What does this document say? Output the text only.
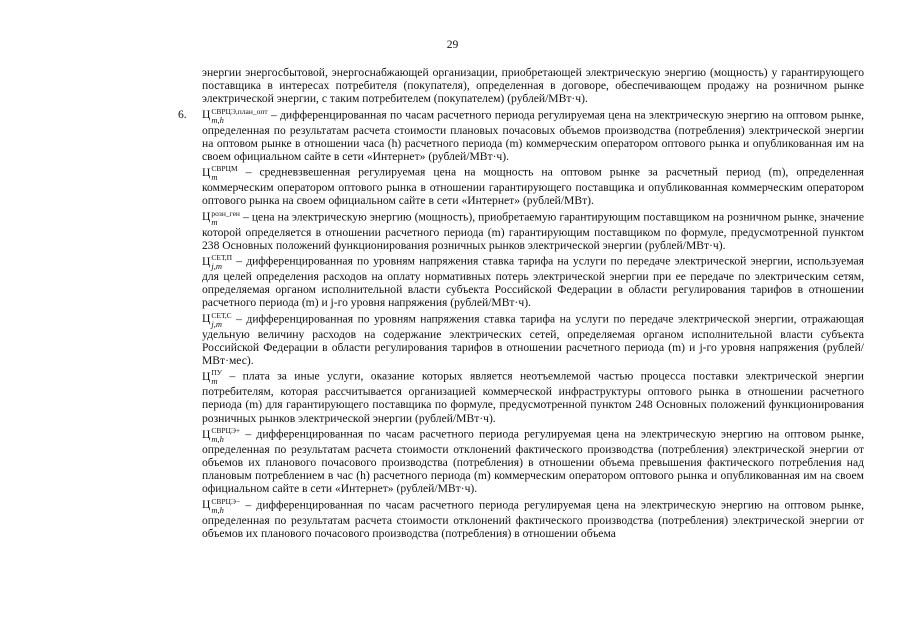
29

энергии энергосбытовой, энергоснабжающей организации, приобретающей электрическую энергию (мощность) у гарантирующего поставщика в интересах потребителя (покупателя), определенная в договоре, обеспечивающем продажу на розничном рынке электрической энергии, с таким потребителем (покупателем) (рублей/МВт·ч).

6. Ц СВРЦЭ,план_опт
m,h	– дифференцированная по часам расчетного периода регулируемая цена на электрическую энергию на оптовом рынке, определенная по результатам расчета стоимости плановых почасовых объемов производства (потребления) электрической энергии на оптовом рынке в отношении часа (h) расчетного периода (m) коммерческим оператором оптового рынка и опубликованная им на своем официальном сайте в сети «Интернет» (рублей/МВт·ч).

Ц СВРЦМ
m	– средневзвешенная регулируемая цена на мощность на оптовом рынке за расчетный период (m), определенная коммерческим оператором оптового рынка в отношении гарантирующего поставщика и опубликованная коммерческим оператором оптового рынка на своем официальном сайте в сети «Интернет» (рублей/МВт).

Ц розн_ген
m	– цена на электрическую энергию (мощность), приобретаемую гарантирующим поставщиком на розничном рынке, значение которой определяется в отношении расчетного периода (m) гарантирующим поставщиком по формуле, предусмотренной пунктом 238 Основных положений функционирования розничных рынков электрической энергии (рублей/МВт·ч).

Ц СЕТ,П
j,m – дифференцированная по уровням напряжения ставка тарифа на услуги по передаче электрической энергии, используемая для целей определения расходов на оплату нормативных потерь электрической энергии при ее передаче по электрическим сетям, определяемая органом исполнительной власти субъекта Российской Федерации в области регулирования тарифов в отношении расчетного периода (m) и j-го уровня напряжения (рублей/МВт·ч).

Ц СЕТ,С
j,m – дифференцированная по уровням напряжения ставка тарифа на услуги по передаче электрической энергии, отражающая удельную величину расходов на содержание электрических сетей, определяемая органом исполнительной власти субъекта Российской Федерации в области регулирования тарифов в отношении расчетного периода (m) и j-го уровня напряжения (рублей/МВт·мес).

Ц ПУ
m – плата за иные услуги, оказание которых является неотъемлемой частью процесса поставки электрической энергии потребителям, которая рассчитывается организацией коммерческой инфраструктуры оптового рынка в отношении расчетного периода (m) для гарантирующего поставщика по формуле, предусмотренной пунктом 248 Основных положений функционирования розничных рынков электрической энергии (рублей/МВт·ч).

Ц СВРЦЭ+
m,h	– дифференцированная по часам расчетного периода регулируемая цена на электрическую энергию на оптовом рынке, определенная по результатам расчета стоимости отклонений фактического производства (потребления) электрической энергии от объемов их планового почасового производства (потребления) в отношении объема превышения фактического потребления над плановым потреблением в час (h) расчетного периода (m) коммерческим оператором оптового рынка и опубликованная им на своем официальном сайте в сети «Интернет» (рублей/МВт·ч).

Ц СВРЦЭ−
m,h	– дифференцированная по часам расчетного периода регулируемая цена на электрическую энергию на оптовом рынке, определенная по результатам расчета стоимости отклонений фактического производства (потребления) электрической энергии от объемов их планового почасового производства (потребления) в отношении объема
